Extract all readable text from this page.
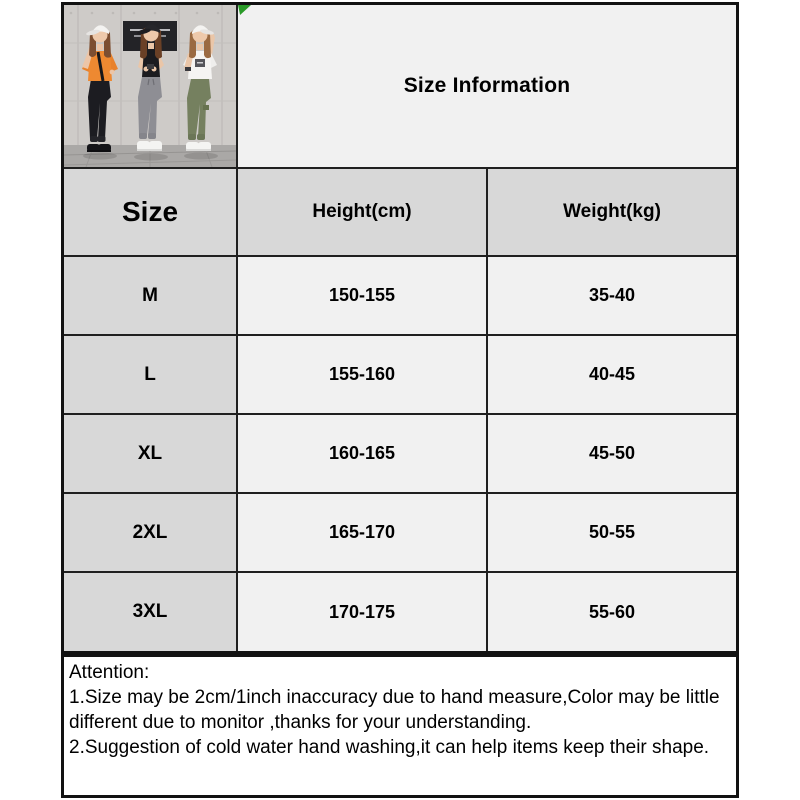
Size Information
Size	Height(cm)	Weight(kg)
M	150-155	35-40
L	155-160	40-45
XL	160-165	45-50
2XL	165-170	50-55
3XL	170-175	55-60
Attention:
1.Size may be 2cm/1inch inaccuracy due to hand measure,Color may be little
different due to monitor ,thanks for your understanding.
2.Suggestion of cold water hand washing,it can help items keep their shape.
